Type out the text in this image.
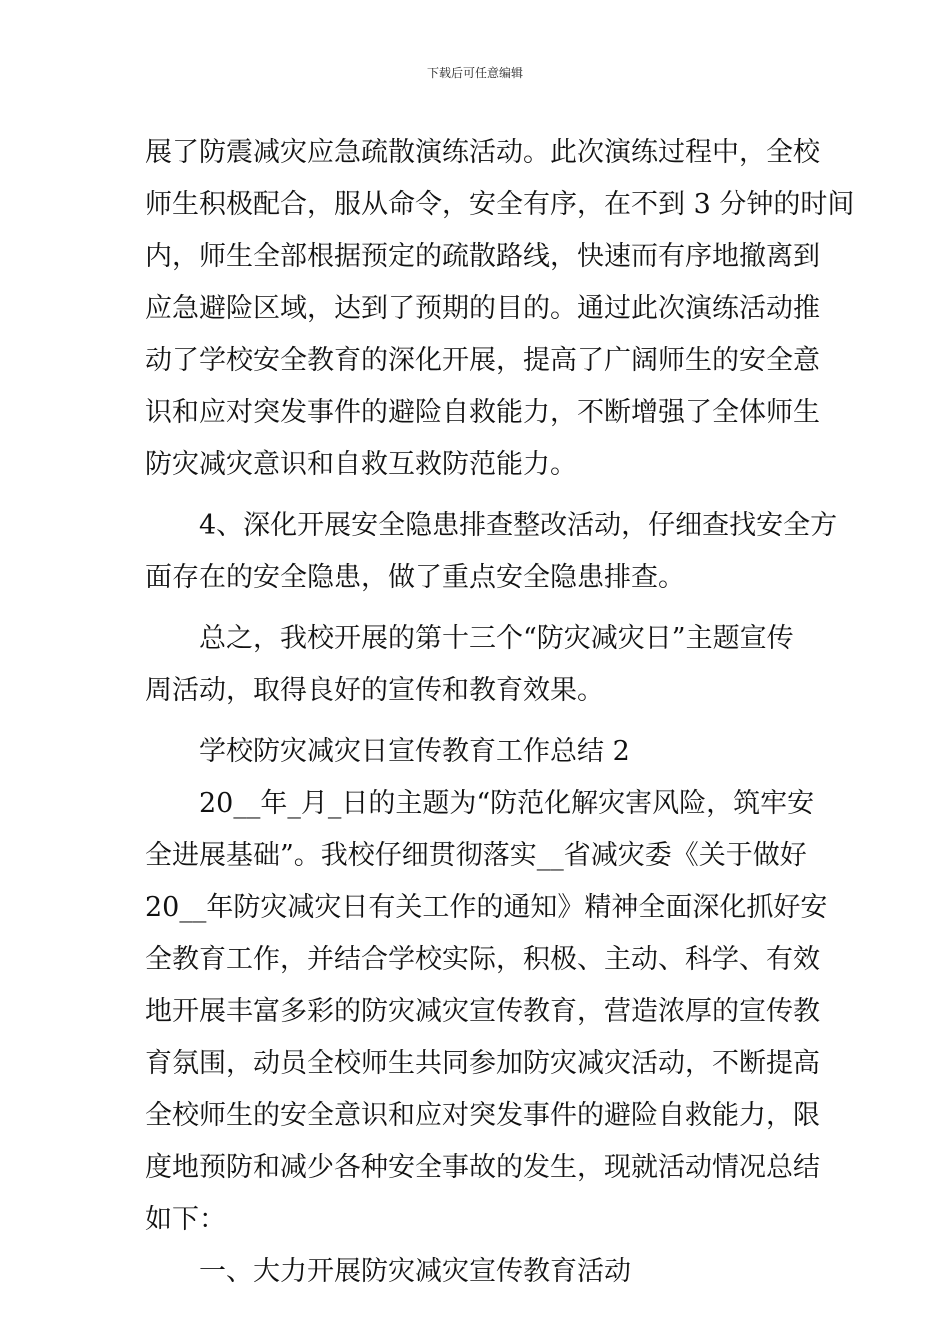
下载后可任意编辑
展了防震减灾应急疏散演练活动。此次演练过程中，全校
师生积极配合，服从命令，安全有序，在不到 3 分钟的时间
内，师生全部根据预定的疏散路线，快速而有序地撤离到
应急避险区域，达到了预期的目的。通过此次演练活动推
动了学校安全教育的深化开展，提高了广阔师生的安全意
识和应对突发事件的避险自救能力，不断增强了全体师生
防灾减灾意识和自救互救防范能力。
4、深化开展安全隐患排查整改活动，仔细查找安全方
面存在的安全隐患，做了重点安全隐患排查。
总之，我校开展的第十三个“防灾减灾日”主题宣传
周活动，取得良好的宣传和教育效果。
学校防灾减灾日宣传教育工作总结 2
20__年_月_日的主题为“防范化解灾害风险，筑牢安
全进展基础”。我校仔细贯彻落实__省减灾委《关于做好
20__年防灾减灾日有关工作的通知》精神全面深化抓好安
全教育工作，并结合学校实际，积极、主动、科学、有效
地开展丰富多彩的防灾减灾宣传教育，营造浓厚的宣传教
育氛围，动员全校师生共同参加防灾减灾活动，不断提高
全校师生的安全意识和应对突发事件的避险自救能力，限
度地预防和减少各种安全事故的发生，现就活动情况总结
如下：
一、大力开展防灾减灾宣传教育活动
